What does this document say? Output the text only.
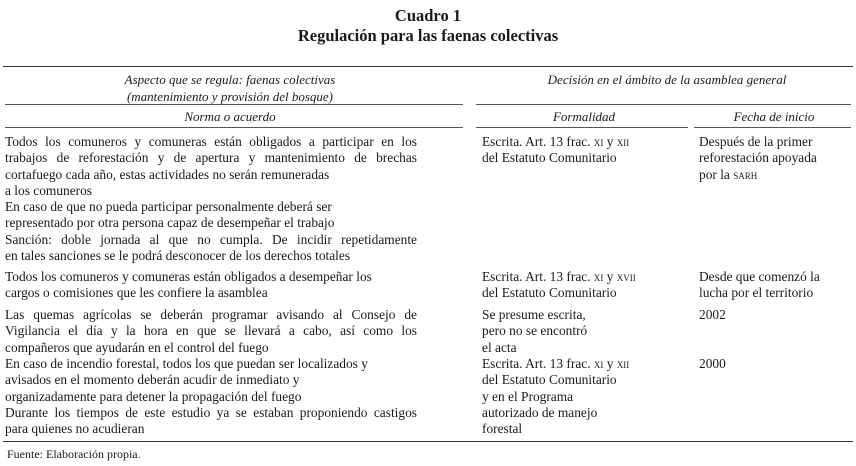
Cuadro 1
Regulación para las faenas colectivas
Aspecto que se regula: faenas colectivas
(mantenimiento y provisión del bosque)
Decisión en el ámbito de la asamblea general
Norma o acuerdo	Formalidad	Fecha de inicio
Todos los comuneros y comuneras están obligados a participar en los
trabajos de reforestación y de apertura y mantenimiento de brechas
cortafuego cada año, estas actividades no serán remuneradas
a los comuneros
En caso de que no pueda participar personalmente deberá ser
representado por otra persona capaz de desempeñar el trabajo
Sanción: doble jornada al que no cumpla. De incidir repetidamente
en tales sanciones se le podrá desconocer de los derechos totales
Escrita. Art. 13 frac. xi y xii
del Estatuto Comunitario
Después de la primer
reforestación apoyada
por la sarh
Todos los comuneros y comuneras están obligados a desempeñar los
cargos o comisiones que les confiere la asamblea
Escrita. Art. 13 frac. xi y xvii
del Estatuto Comunitario
Desde que comenzó la
lucha por el territorio
Las quemas agrícolas se deberán programar avisando al Consejo de
Vigilancia el día y la hora en que se llevará a cabo, así como los
compañeros que ayudarán en el control del fuego
Se presume escrita,
pero no se encontró
el acta
2002
En caso de incendio forestal, todos los que puedan ser localizados y
avisados en el momento deberán acudir de inmediato y
organizadamente para detener la propagación del fuego
Durante los tiempos de este estudio ya se estaban proponiendo castigos
para quienes no acudieran
Escrita. Art. 13 frac. xi y xii
del Estatuto Comunitario
y en el Programa
autorizado de manejo
forestal
2000
Fuente: Elaboración propia.
